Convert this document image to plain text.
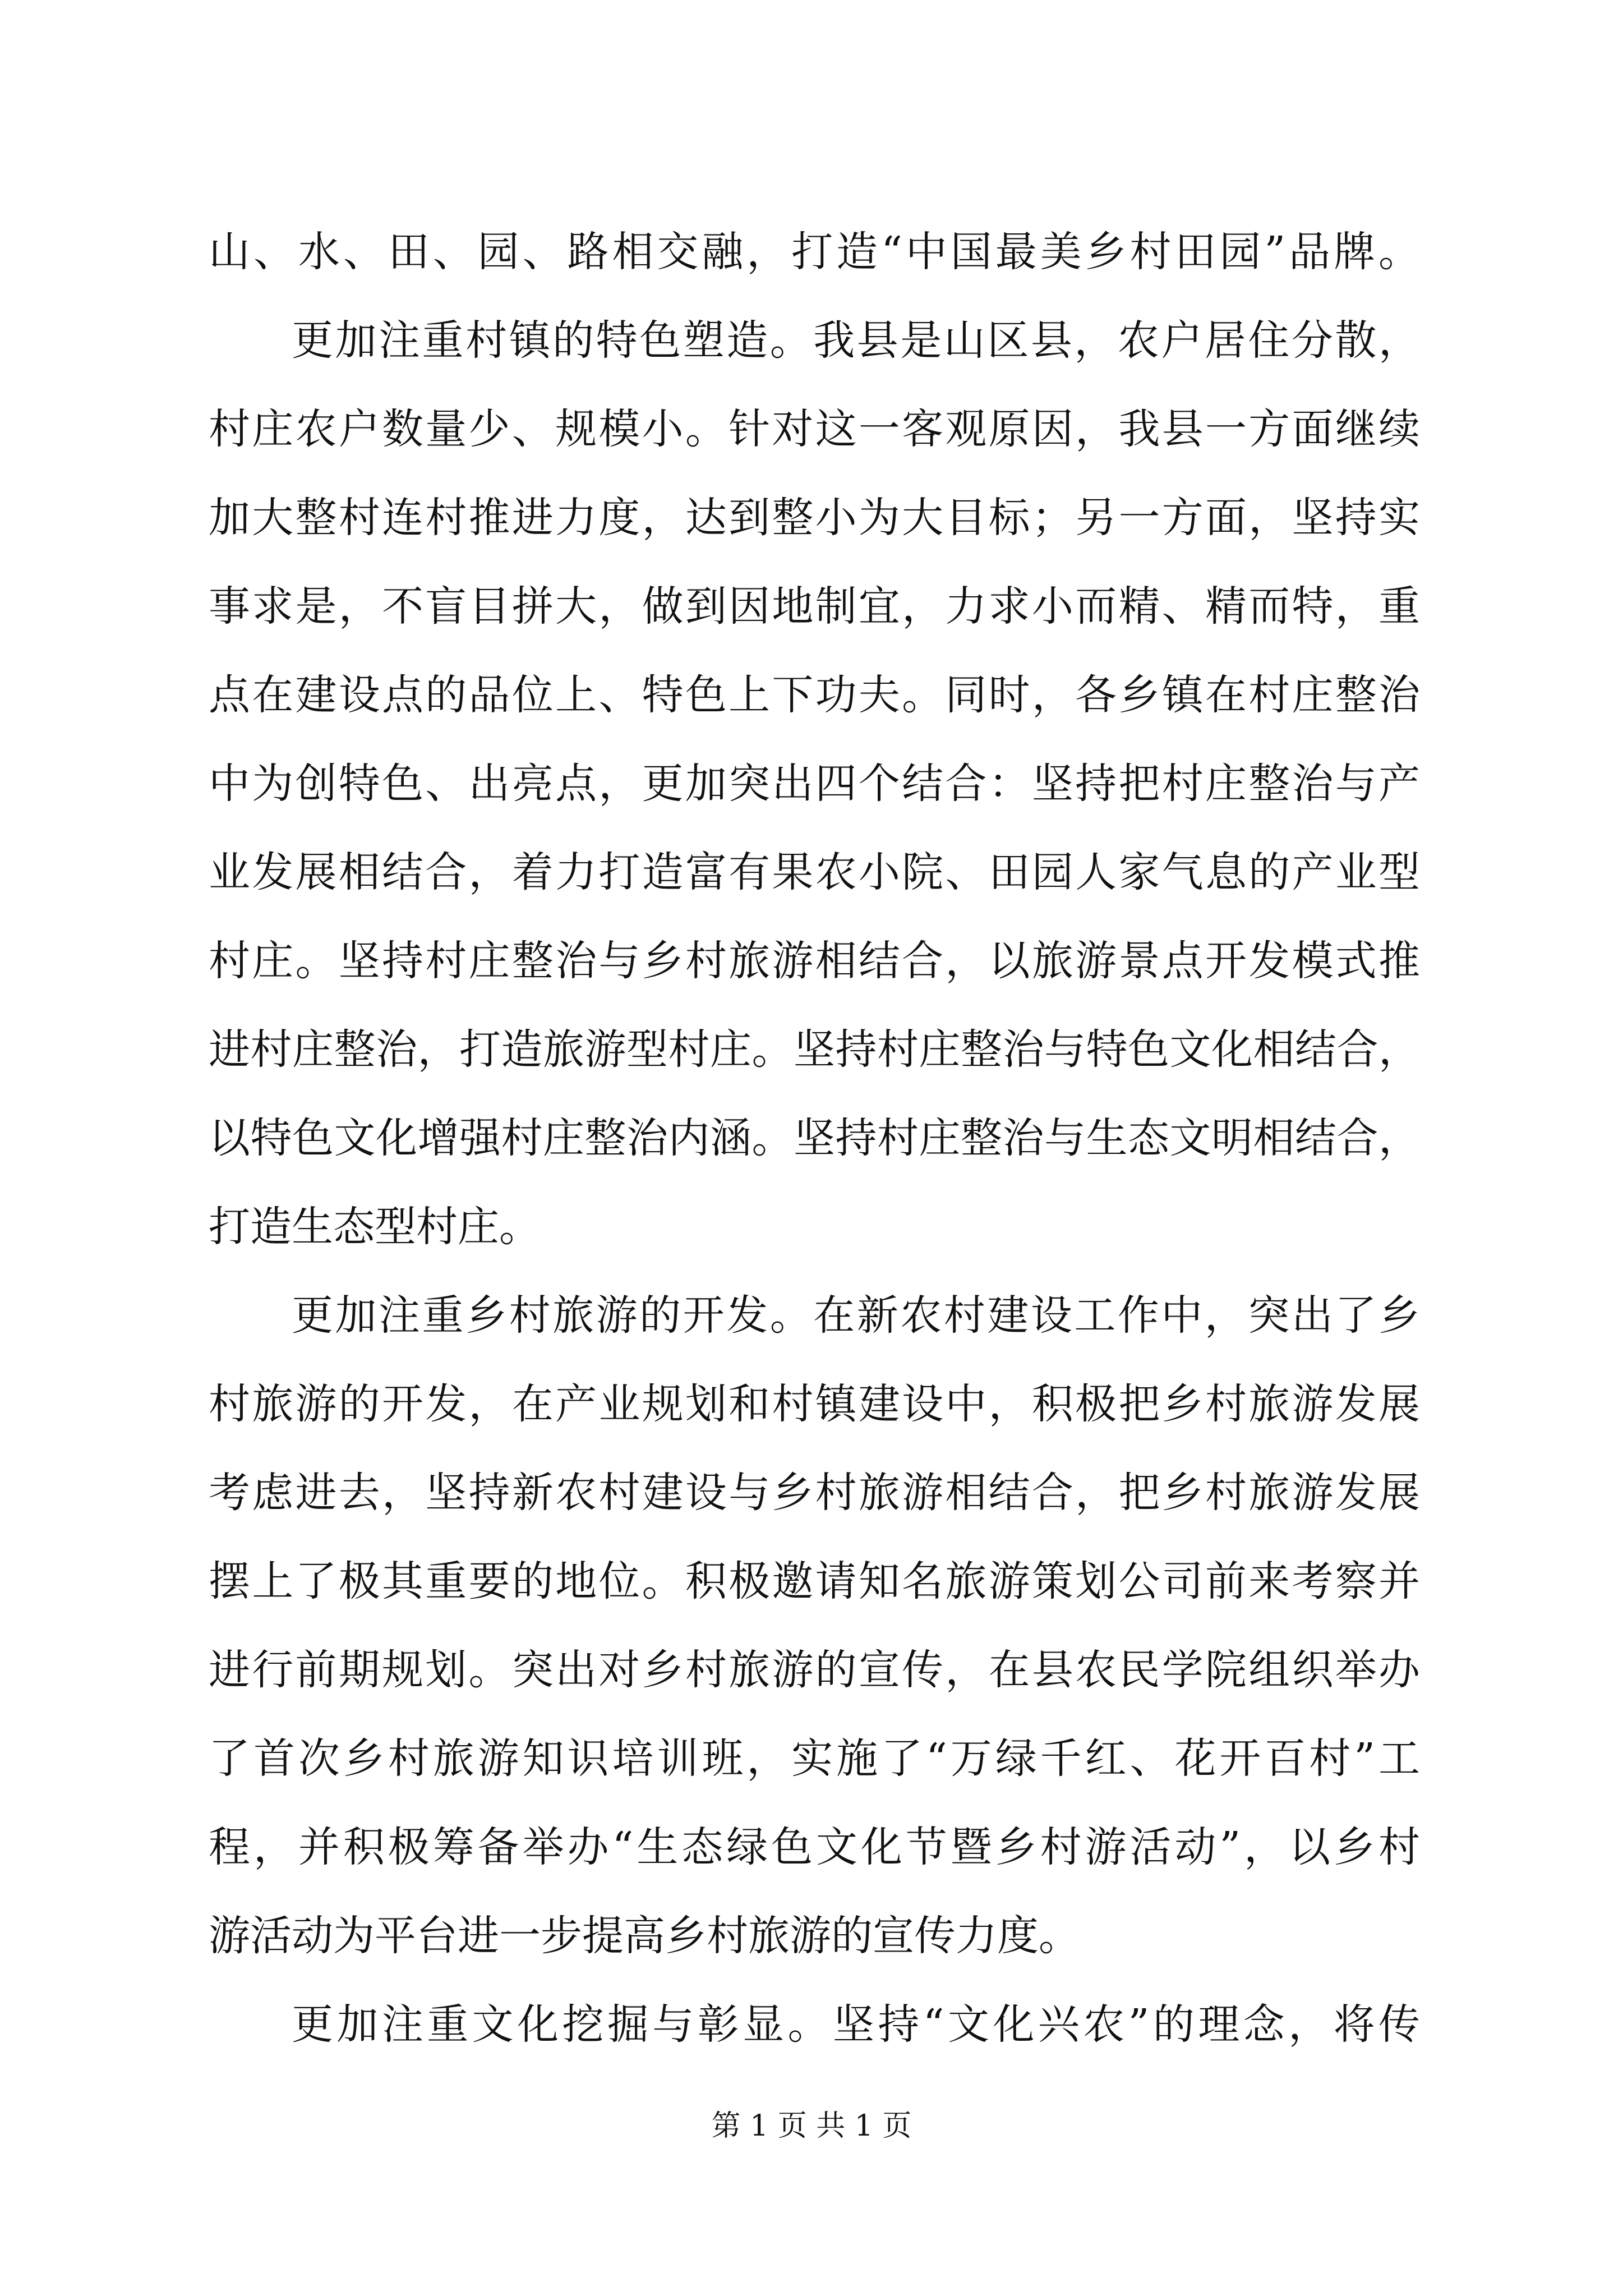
山、水、田、园、路相交融，打造“中国最美乡村田园”品牌。
更加注重村镇的特色塑造。我县是山区县，农户居住分散，
村庄农户数量少、规模小。针对这一客观原因，我县一方面继续
加大整村连村推进力度，达到整小为大目标；另一方面，坚持实
事求是，不盲目拼大，做到因地制宜，力求小而精、精而特，重
点在建设点的品位上、特色上下功夫。同时，各乡镇在村庄整治
中为创特色、出亮点，更加突出四个结合：坚持把村庄整治与产
业发展相结合，着力打造富有果农小院、田园人家气息的产业型
村庄。坚持村庄整治与乡村旅游相结合，以旅游景点开发模式推
进村庄整治，打造旅游型村庄。坚持村庄整治与特色文化相结合，
以特色文化增强村庄整治内涵。坚持村庄整治与生态文明相结合，
打造生态型村庄。
更加注重乡村旅游的开发。在新农村建设工作中，突出了乡
村旅游的开发，在产业规划和村镇建设中，积极把乡村旅游发展
考虑进去，坚持新农村建设与乡村旅游相结合，把乡村旅游发展
摆上了极其重要的地位。积极邀请知名旅游策划公司前来考察并
进行前期规划。突出对乡村旅游的宣传，在县农民学院组织举办
了首次乡村旅游知识培训班，实施了“万绿千红、花开百村”工
程，并积极筹备举办“生态绿色文化节暨乡村游活动”，以乡村
游活动为平台进一步提高乡村旅游的宣传力度。
更加注重文化挖掘与彰显。坚持“文化兴农”的理念，将传
第 1 页 共 1 页
